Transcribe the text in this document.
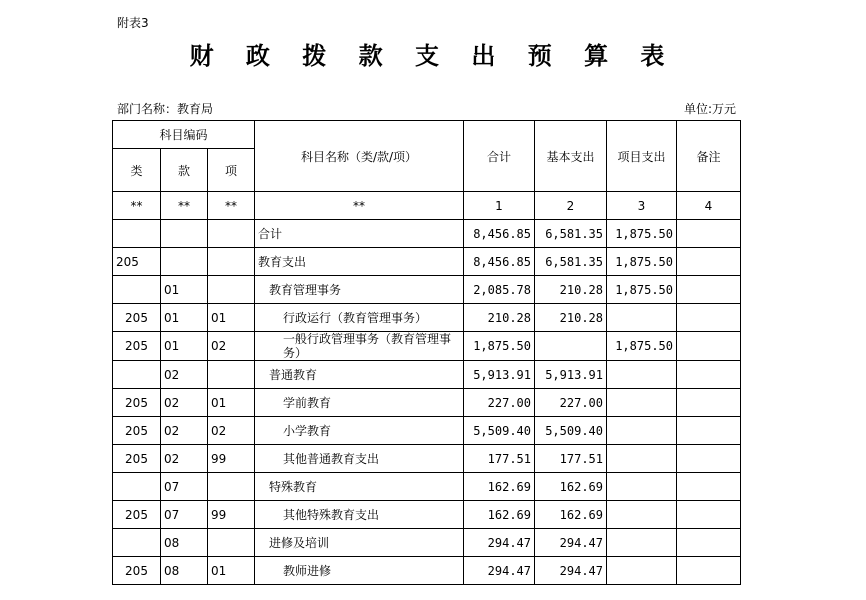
附表3
财 政 拨 款 支 出 预 算 表
部门名称：教育局	单位:万元
科目编码			科目名称（类/款/项）	合计	基本支出	项目支出	备注
类	款	项					
**	**	**	**	1	2	3	4
			合计	8,456.85	6,581.35	1,875.50	
205			教育支出	8,456.85	6,581.35	1,875.50	
	01		教育管理事务	2,085.78	210.28	1,875.50	
205	01	01	行政运行（教育管理事务）	210.28	210.28		
205	01	02	一般行政管理事务（教育管理事务）	1,875.50		1,875.50	
	02		普通教育	5,913.91	5,913.91		
205	02	01	学前教育	227.00	227.00		
205	02	02	小学教育	5,509.40	5,509.40		
205	02	99	其他普通教育支出	177.51	177.51		
	07		特殊教育	162.69	162.69		
205	07	99	其他特殊教育支出	162.69	162.69		
	08		进修及培训	294.47	294.47		
205	08	01	教师进修	294.47	294.47		
